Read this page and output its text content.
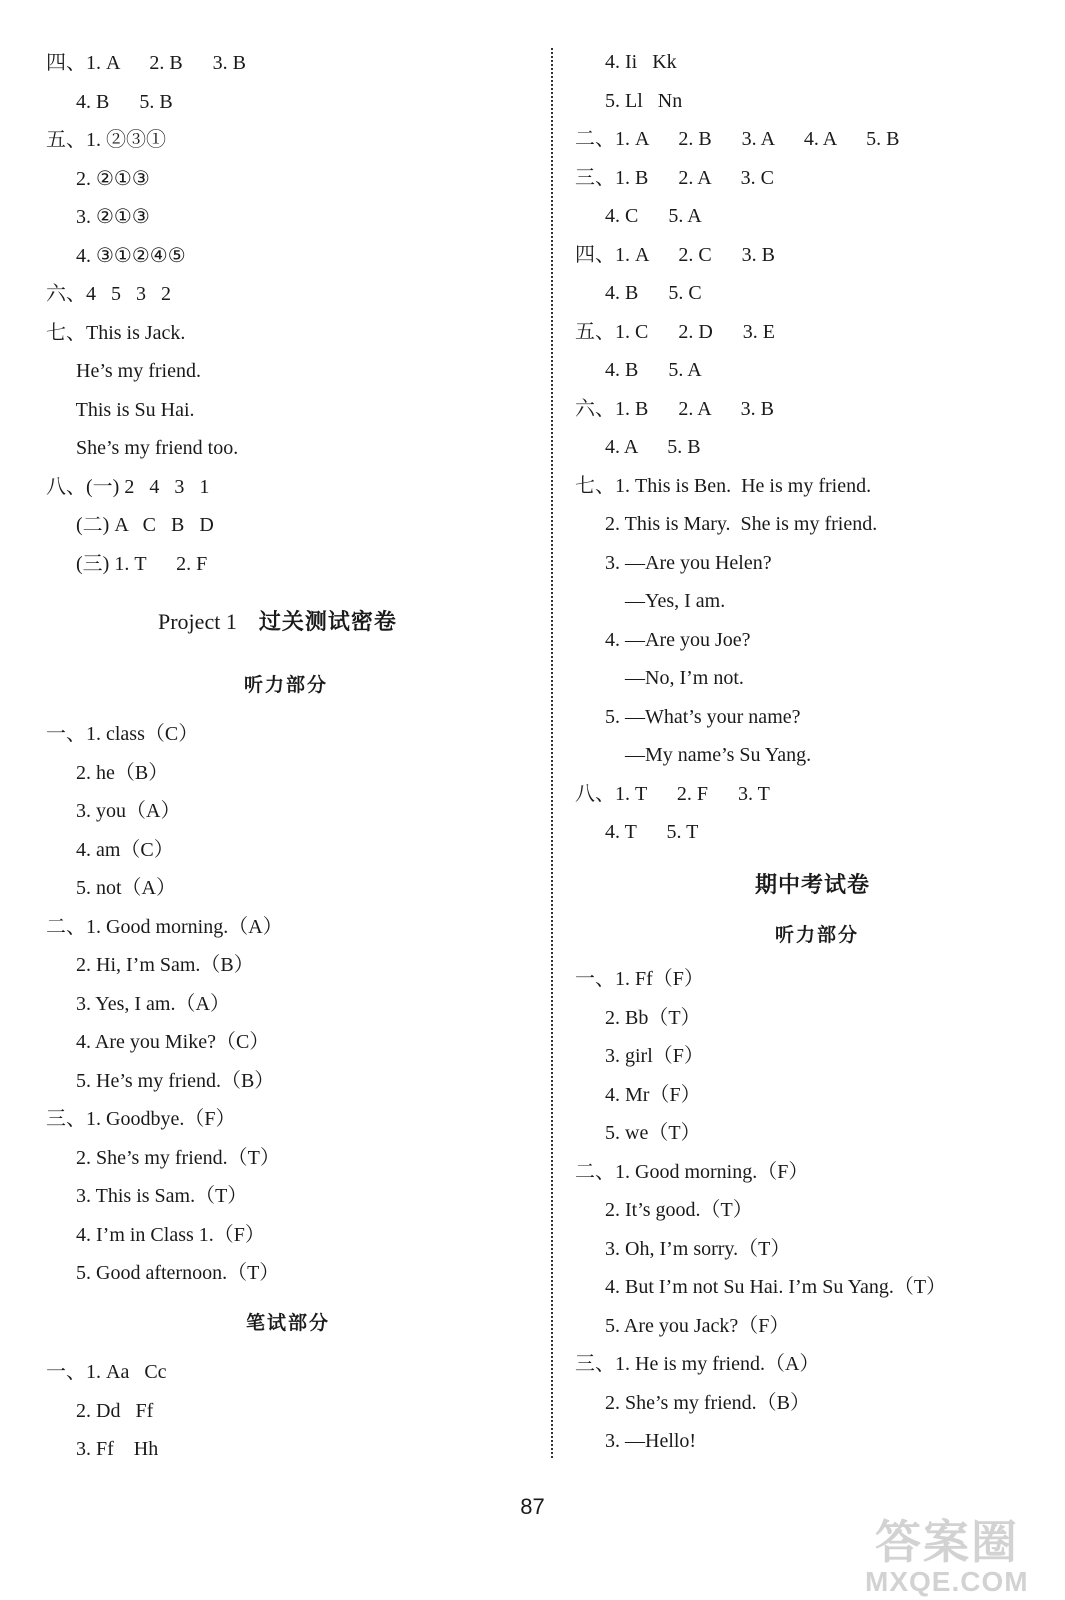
四、1. A      2. B      3. B
4. B      5. B
五、1. ②③①
2. ②①③
3. ②①③
4. ③①②④⑤
六、4   5   3   2
七、This is Jack.
He’s my friend.
This is Su Hai.
She’s my friend too.
八、(一) 2   4   3   1
(二) A   C   B   D
(三) 1. T      2. F
Project 1 过关测试密卷
听力部分
一、1. class（C）
2. he（B）
3. you（A）
4. am（C）
5. not（A）
二、1. Good morning.（A）
2. Hi, I’m Sam.（B）
3. Yes, I am.（A）
4. Are you Mike?（C）
5. He’s my friend.（B）
三、1. Goodbye.（F）
2. She’s my friend.（T）
3. This is Sam.（T）
4. I’m in Class 1.（F）
5. Good afternoon.（T）
笔试部分
一、1. Aa   Cc
2. Dd   Ff
3. Ff    Hh
4. Ii   Kk
5. Ll   Nn
二、1. A      2. B      3. A      4. A      5. B
三、1. B      2. A      3. C
4. C      5. A
四、1. A      2. C      3. B
4. B      5. C
五、1. C      2. D      3. E
4. B      5. A
六、1. B      2. A      3. B
4. A      5. B
七、1. This is Ben.  He is my friend.
2. This is Mary.  She is my friend.
3. —Are you Helen?
—Yes, I am.
4. —Are you Joe?
—No, I’m not.
5. —What’s your name?
—My name’s Su Yang.
八、1. T      2. F      3. T
4. T      5. T
期中考试卷
听力部分
一、1. Ff（F）
2. Bb（T）
3. girl（F）
4. Mr（F）
5. we（T）
二、1. Good morning.（F）
2. It’s good.（T）
3. Oh, I’m sorry.（T）
4. But I’m not Su Hai. I’m Su Yang.（T）
5. Are you Jack?（F）
三、1. He is my friend.（A）
2. She’s my friend.（B）
3. —Hello!
87
答案圈
MXQE.COM
